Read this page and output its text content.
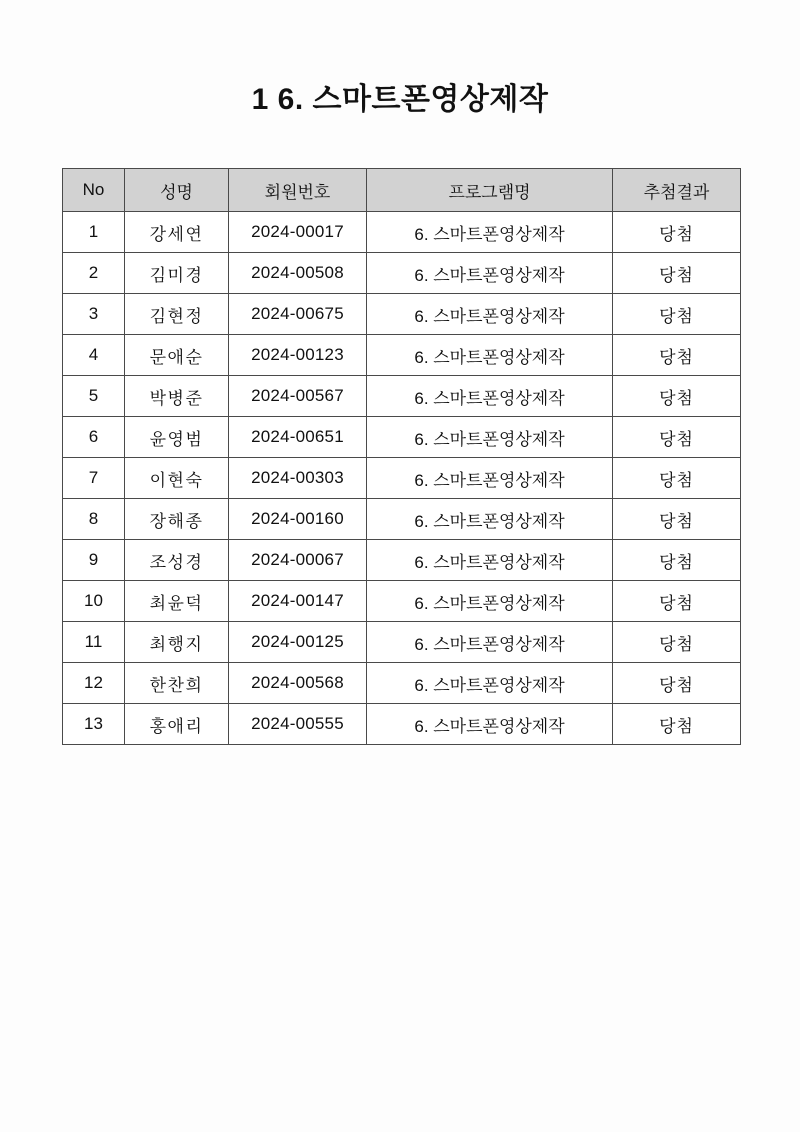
1 6. 스마트폰영상제작
No	성명	회원번호	프로그램명	추첨결과
1	강세연	2024-00017	6. 스마트폰영상제작	당첨
2	김미경	2024-00508	6. 스마트폰영상제작	당첨
3	김현정	2024-00675	6. 스마트폰영상제작	당첨
4	문애순	2024-00123	6. 스마트폰영상제작	당첨
5	박병준	2024-00567	6. 스마트폰영상제작	당첨
6	윤영범	2024-00651	6. 스마트폰영상제작	당첨
7	이현숙	2024-00303	6. 스마트폰영상제작	당첨
8	장해종	2024-00160	6. 스마트폰영상제작	당첨
9	조성경	2024-00067	6. 스마트폰영상제작	당첨
10	최윤덕	2024-00147	6. 스마트폰영상제작	당첨
11	최행지	2024-00125	6. 스마트폰영상제작	당첨
12	한찬희	2024-00568	6. 스마트폰영상제작	당첨
13	홍애리	2024-00555	6. 스마트폰영상제작	당첨
